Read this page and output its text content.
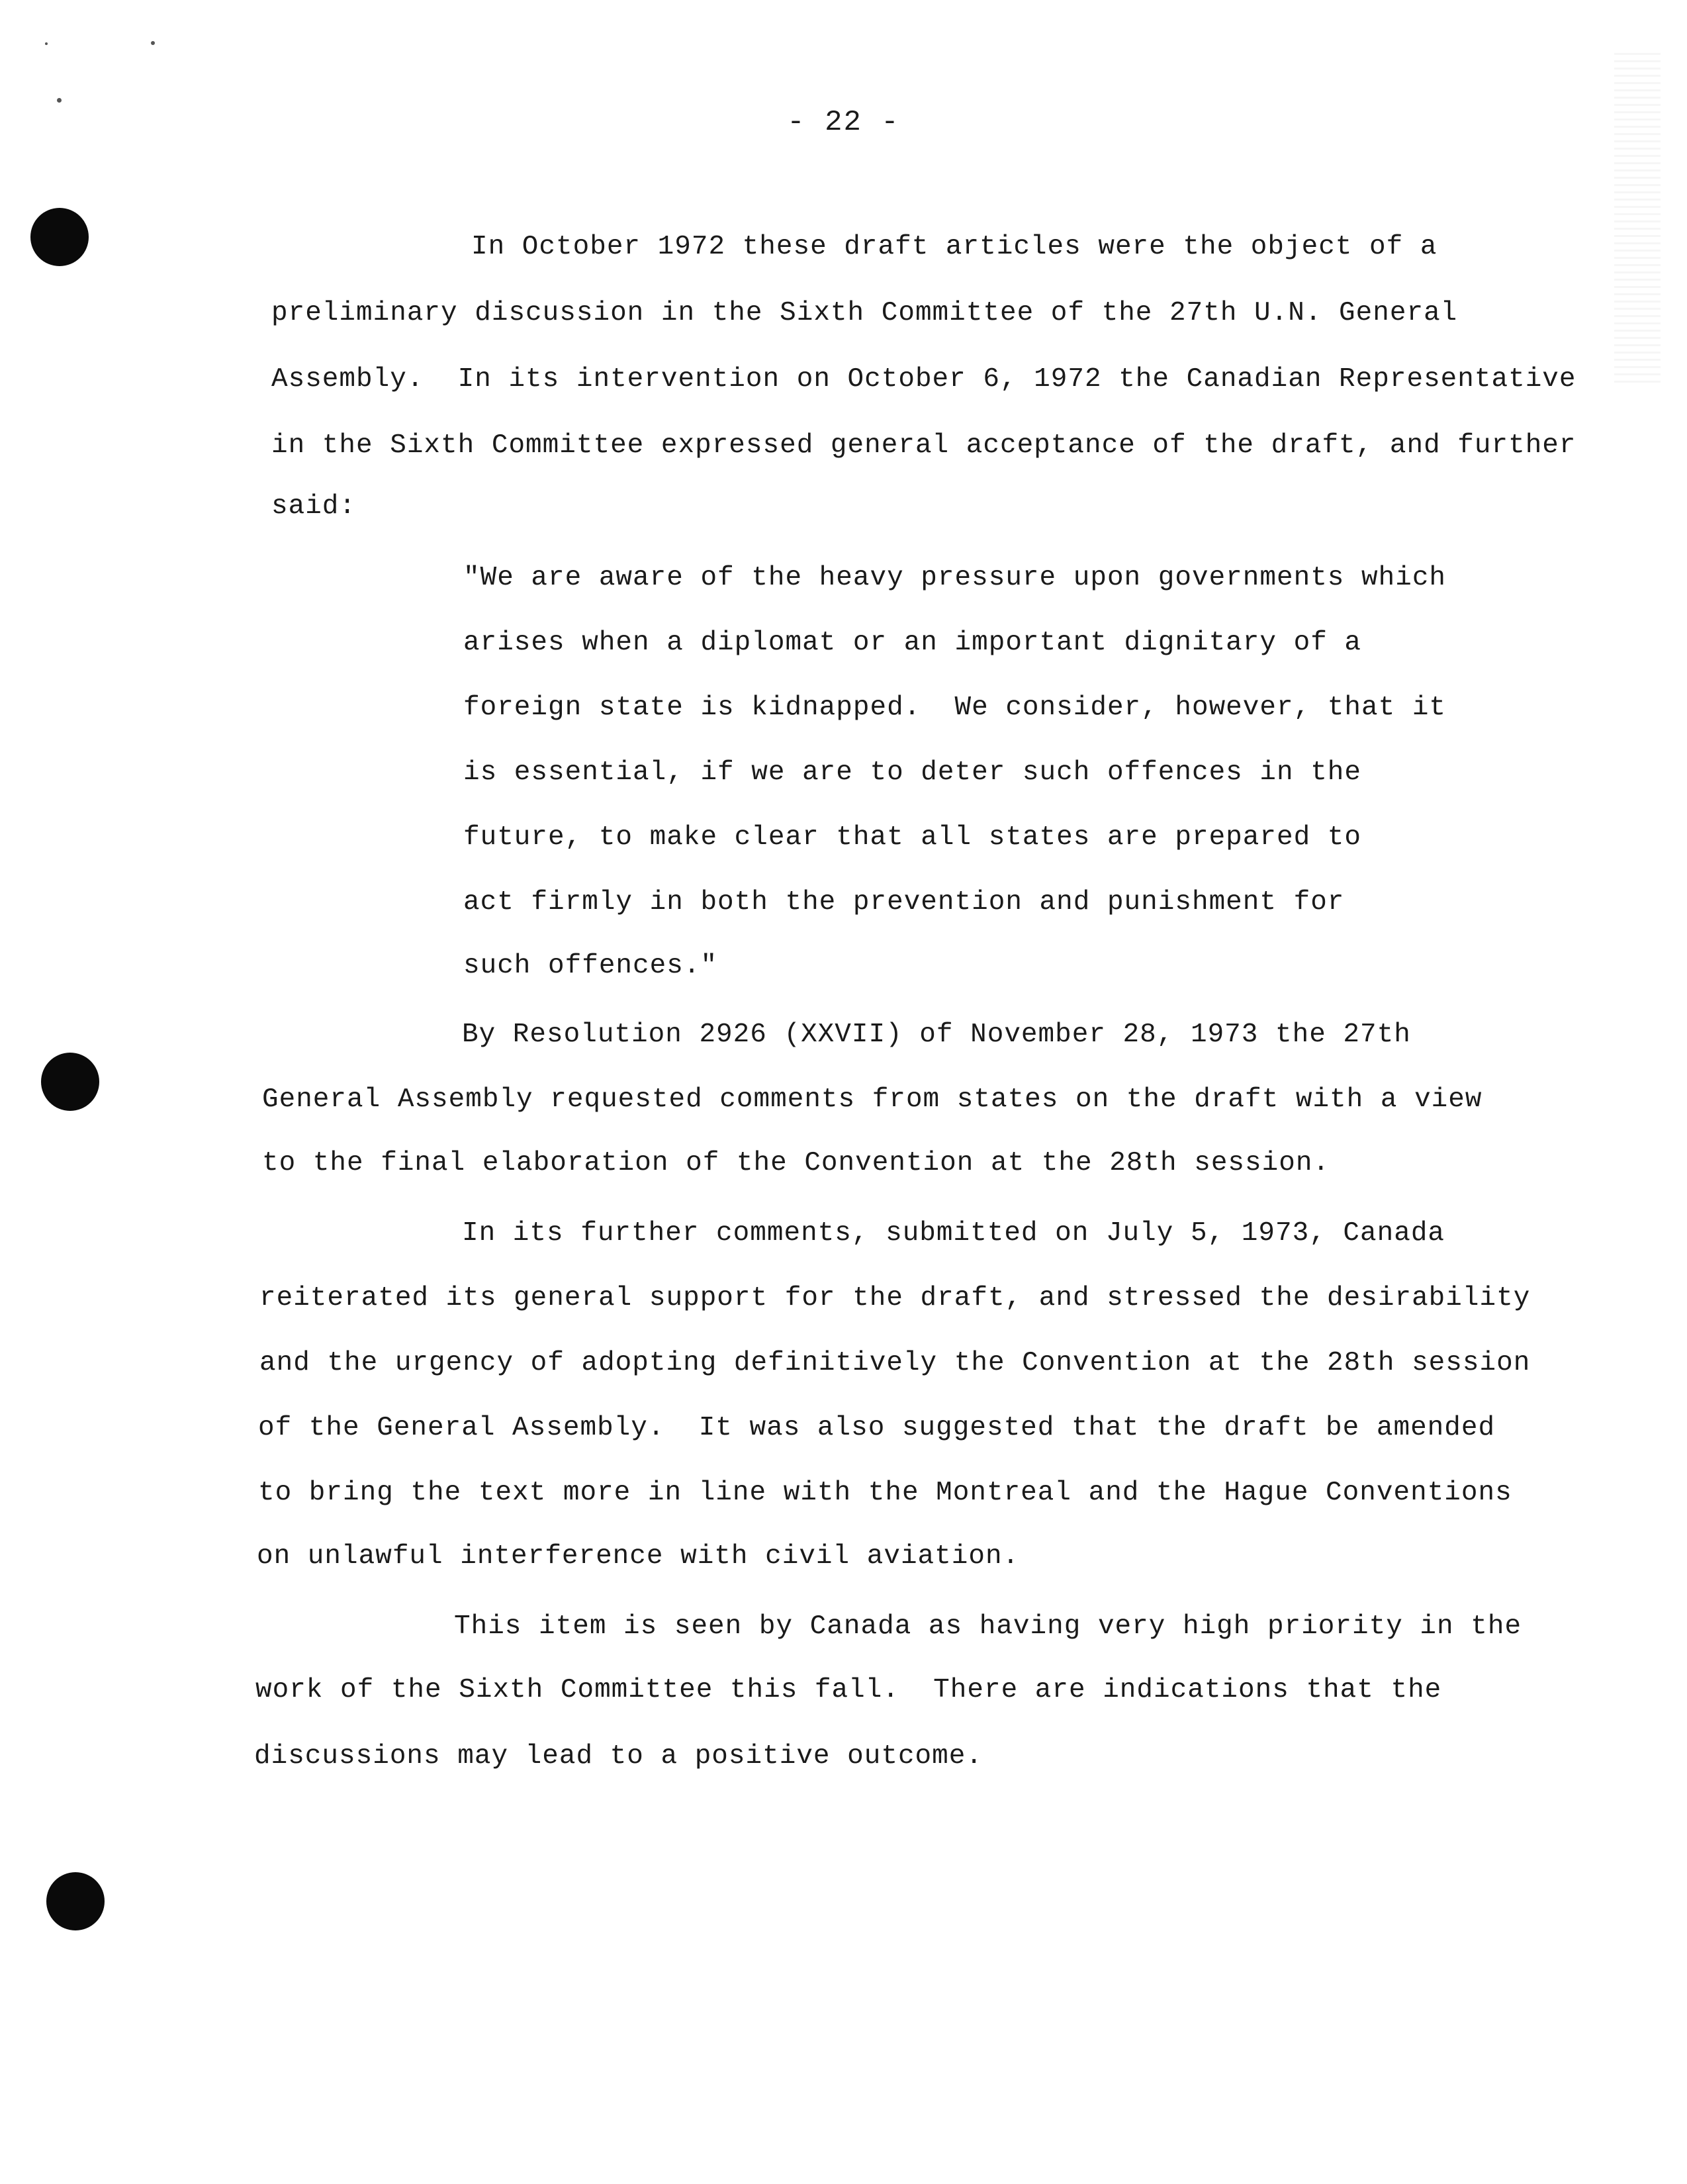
- 22 -
In October 1972 these draft articles were the object of a
preliminary discussion in the Sixth Committee of the 27th U.N. General
Assembly.  In its intervention on October 6, 1972 the Canadian Representative
in the Sixth Committee expressed general acceptance of the draft, and further
said:
"We are aware of the heavy pressure upon governments which
arises when a diplomat or an important dignitary of a
foreign state is kidnapped.  We consider, however, that it
is essential, if we are to deter such offences in the
future, to make clear that all states are prepared to
act firmly in both the prevention and punishment for
such offences."
By Resolution 2926 (XXVII) of November 28, 1973 the 27th
General Assembly requested comments from states on the draft with a view
to the final elaboration of the Convention at the 28th session.
In its further comments, submitted on July 5, 1973, Canada
reiterated its general support for the draft, and stressed the desirability
and the urgency of adopting definitively the Convention at the 28th session
of the General Assembly.  It was also suggested that the draft be amended
to bring the text more in line with the Montreal and the Hague Conventions
on unlawful interference with civil aviation.
This item is seen by Canada as having very high priority in the
work of the Sixth Committee this fall.  There are indications that the
discussions may lead to a positive outcome.
